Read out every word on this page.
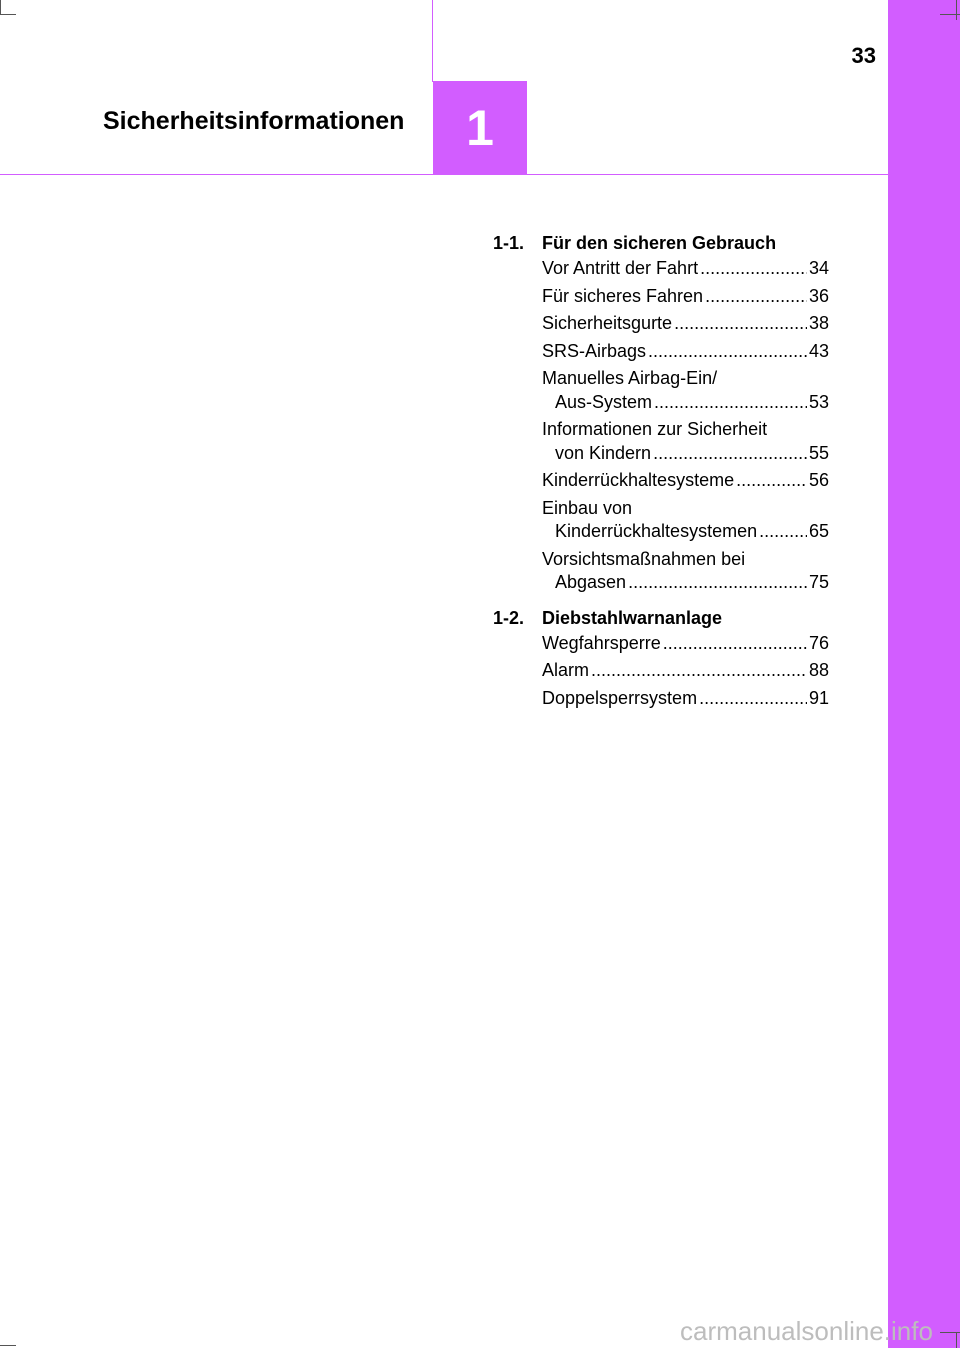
33
Sicherheitsinformationen	1
1-1. Für den sicheren Gebrauch
Vor Antritt der Fahrt .....	34
Für sicheres Fahren .....	36
Sicherheitsgurte .....	38
SRS-Airbags .....	43
Manuelles Airbag-Ein/
Aus-System .....	53
Informationen zur Sicherheit
von Kindern .....	55
Kinderrückhaltesysteme .....	56
Einbau von
Kinderrückhaltesystemen .....	65
Vorsichtsmaßnahmen bei
Abgasen .....	75
1-2. Diebstahlwarnanlage
Wegfahrsperre .....	76
Alarm .....	88
Doppelsperrsystem .....	91
carmanualsonline.info
